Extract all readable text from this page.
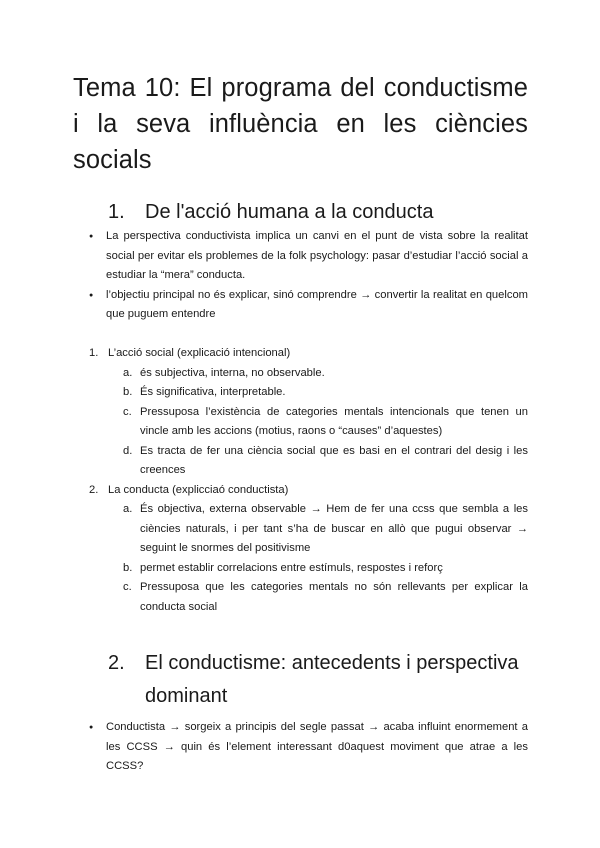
Tema 10: El programa del conductisme i la seva influència en les ciències socials
1. De l'acció humana a la conducta
● La perspectiva conductivista implica un canvi en el punt de vista sobre la realitat social per evitar els problemes de la folk psychology: pasar d’estudiar l’acció social a estudiar la “mera” conducta.
● l’objectiu principal no és explicar, sinó comprendre → convertir la realitat en quelcom que puguem entendre
1. L’acció social (explicació intencional)
a. és subjectiva, interna, no observable.
b. És significativa, interpretable.
c. Pressuposa l’existència de categories mentals intencionals que tenen un vincle amb les accions (motius, raons o “causes” d’aquestes)
d. Es tracta de fer una ciència social que es basi en el contrari del desig i les creences
2. La conducta (explicciaó conductista)
a. És objectiva, externa observable → Hem de fer una ccss que sembla a les ciències naturals, i per tant s’ha de buscar en allò que pugui observar → seguint le snormes del positivisme
b. permet establir correlacions entre estímuls, respostes i reforç
c. Pressuposa que les categories mentals no són rellevants per explicar la conducta social
2. El conductisme: antecedents i perspectiva
dominant
● Conductista → sorgeix a principis del segle passat → acaba influint enormement a les CCSS → quin és l’element interessant d0aquest moviment que atrae a les CCSS?
